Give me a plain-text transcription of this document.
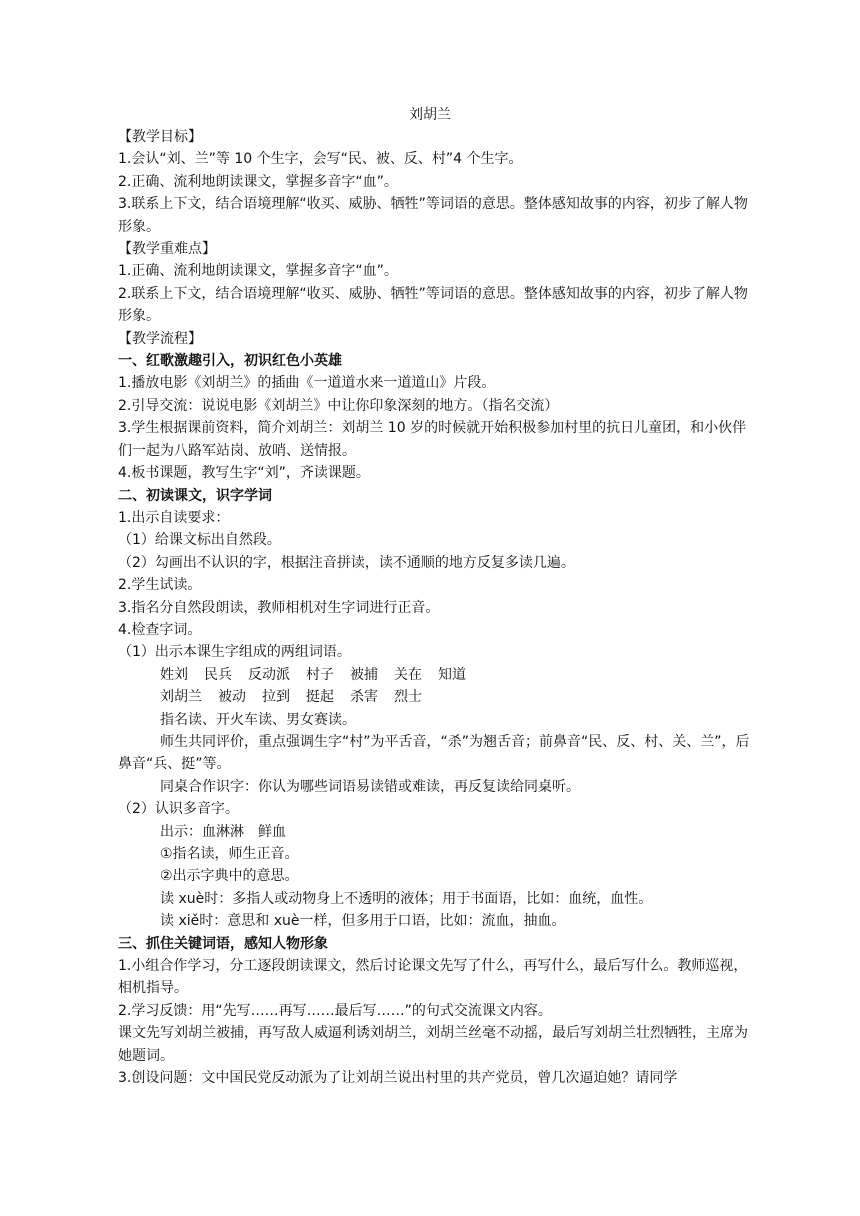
刘胡兰
【教学目标】
1.会认“刘、兰”等 10 个生字，会写“民、被、反、村”4 个生字。
2.正确、流利地朗读课文，掌握多音字“血”。
3.联系上下文，结合语境理解“收买、威胁、牺牲”等词语的意思。整体感知故事的内容，初步了解人物形象。
【教学重难点】
1.正确、流利地朗读课文，掌握多音字“血”。
2.联系上下文，结合语境理解“收买、威胁、牺牲”等词语的意思。整体感知故事的内容，初步了解人物形象。
【教学流程】
一、红歌激趣引入，初识红色小英雄
1.播放电影《刘胡兰》的插曲《一道道水来一道道山》片段。
2.引导交流：说说电影《刘胡兰》中让你印象深刻的地方。（指名交流）
3.学生根据课前资料，简介刘胡兰：刘胡兰 10 岁的时候就开始积极参加村里的抗日儿童团，和小伙伴们一起为八路军站岗、放哨、送情报。
4.板书课题，教写生字“刘”，齐读课题。
二、初读课文，识字学词
1.出示自读要求：
（1）给课文标出自然段。
（2）勾画出不认识的字，根据注音拼读，读不通顺的地方反复多读几遍。
2.学生试读。
3.指名分自然段朗读，教师相机对生字词进行正音。
4.检查字词。
（1）出示本课生字组成的两组词语。
姓刘 民兵 反动派 村子 被捕 关在 知道
刘胡兰 被动 拉到 挺起 杀害 烈士
指名读、开火车读、男女赛读。
师生共同评价，重点强调生字“村”为平舌音，“杀”为翘舌音；前鼻音“民、反、村、关、兰”，后鼻音“兵、挺”等。
同桌合作识字：你认为哪些词语易读错或难读，再反复读给同桌听。
（2）认识多音字。
出示：血淋淋　鲜血
①指名读，师生正音。
②出示字典中的意思。
读 xuè时：多指人或动物身上不透明的液体；用于书面语，比如：血统，血性。
读 xiě时：意思和 xuè一样，但多用于口语，比如：流血，抽血。
三、抓住关键词语，感知人物形象
1.小组合作学习，分工逐段朗读课文，然后讨论课文先写了什么，再写什么，最后写什么。教师巡视，相机指导。
2.学习反馈：用“先写……再写……最后写……”的句式交流课文内容。
课文先写刘胡兰被捕，再写敌人威逼利诱刘胡兰，刘胡兰丝毫不动摇，最后写刘胡兰壮烈牺牲，主席为她题词。
3.创设问题：文中国民党反动派为了让刘胡兰说出村里的共产党员，曾几次逼迫她？请同学
